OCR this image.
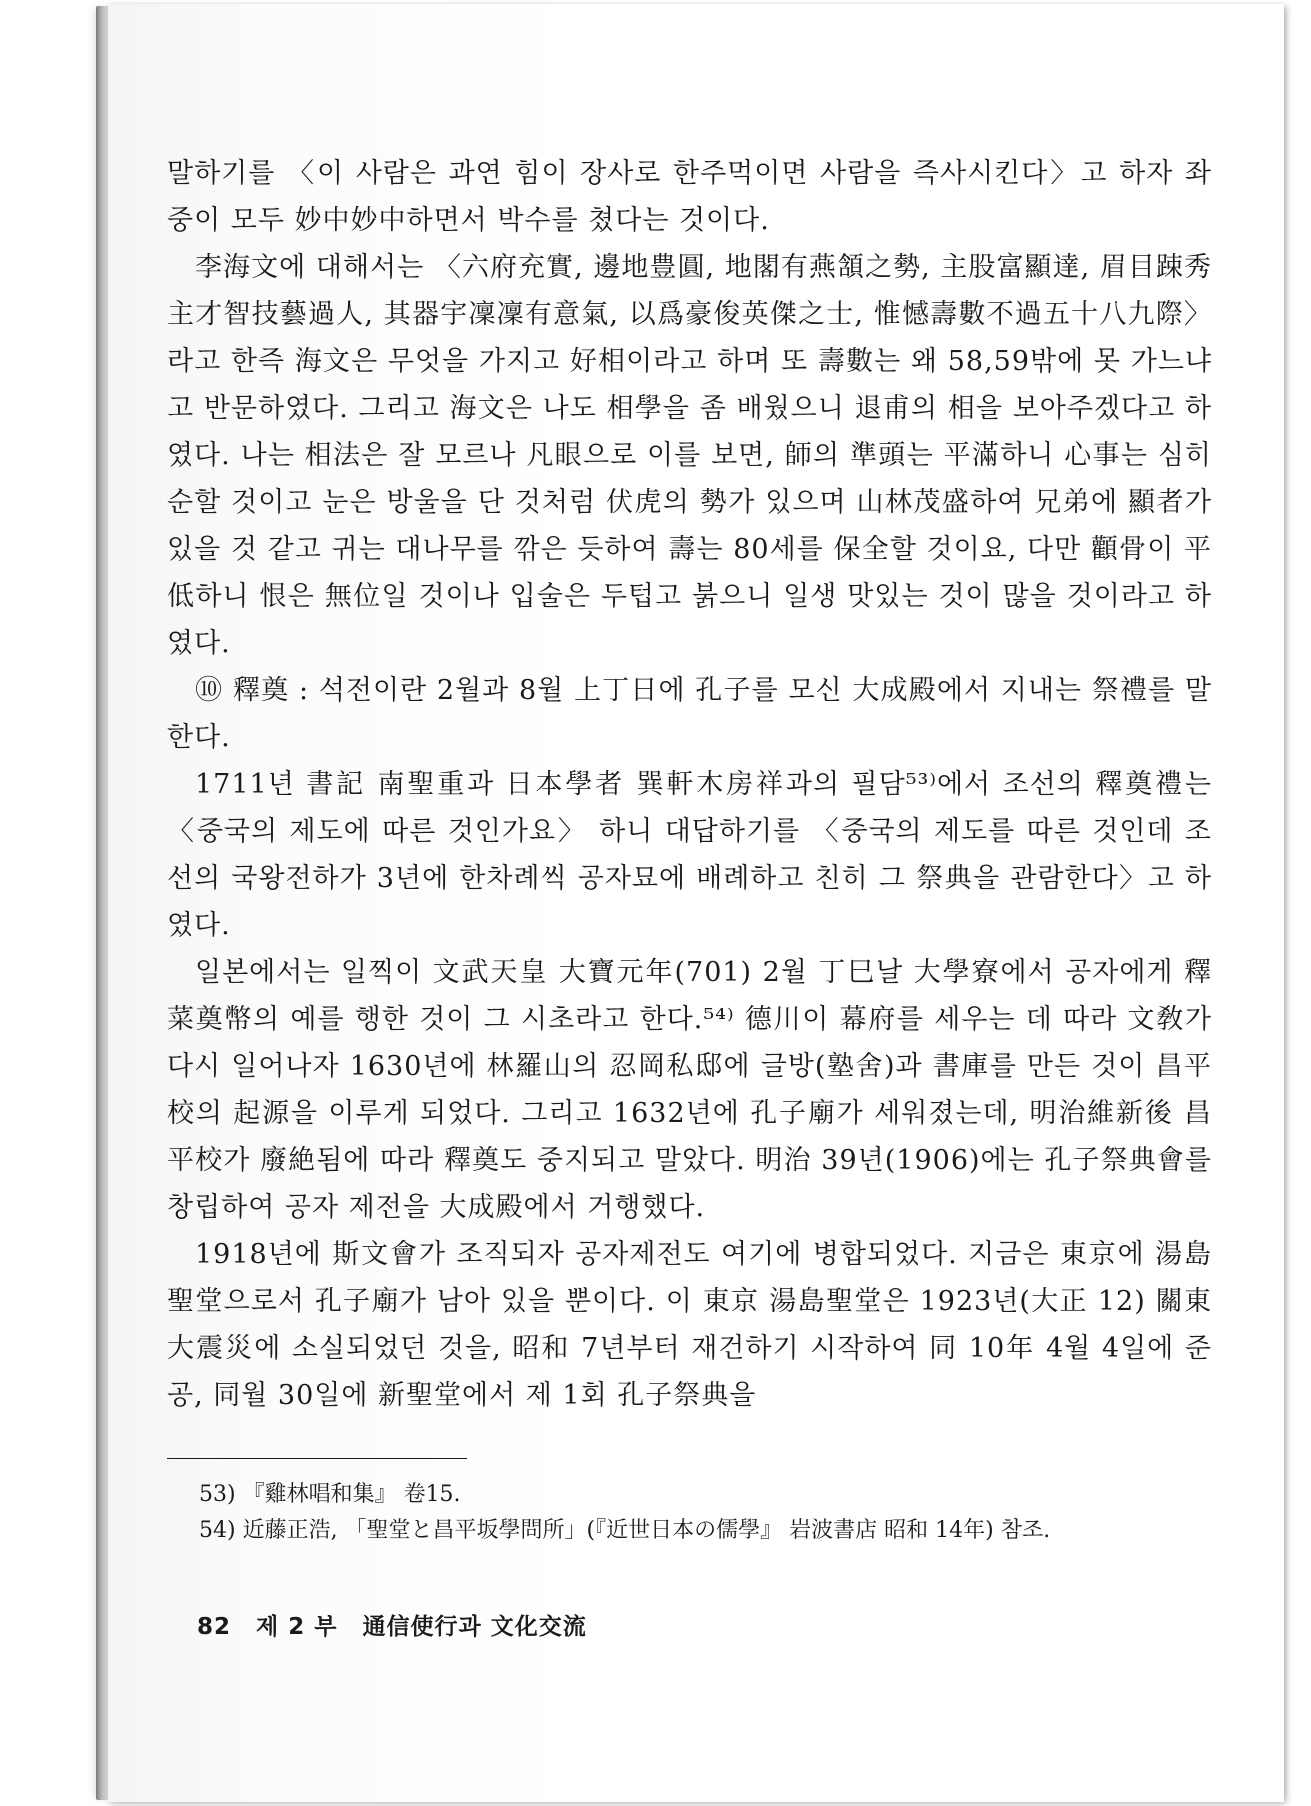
말하기를 〈이 사람은 과연 힘이 장사로 한주먹이면 사람을 즉사시킨다〉고 하자 좌중이 모두 妙中妙中하면서 박수를 쳤다는 것이다.

李海文에 대해서는 〈六府充實, 邊地豊圓, 地閣有燕頷之勢, 主股富顯達, 眉目踈秀主才智技藝過人, 其器宇凜凜有意氣, 以爲豪俊英傑之士, 惟憾壽數不過五十八九際〉라고 한즉 海文은 무엇을 가지고 好相이라고 하며 또 壽數는 왜 58,59밖에 못 가느냐고 반문하였다. 그리고 海文은 나도 相學을 좀 배웠으니 退甫의 相을 보아주겠다고 하였다. 나는 相法은 잘 모르나 凡眼으로 이를 보면, 師의 準頭는 平滿하니 心事는 심히 순할 것이고 눈은 방울을 단 것처럼 伏虎의 勢가 있으며 山林茂盛하여 兄弟에 顯者가 있을 것 같고 귀는 대나무를 깎은 듯하여 壽는 80세를 保全할 것이요, 다만 顴骨이 平低하니 恨은 無位일 것이나 입술은 두텁고 붉으니 일생 맛있는 것이 많을 것이라고 하였다.

⑩ 釋奠 : 석전이란 2월과 8월 上丁日에 孔子를 모신 大成殿에서 지내는 祭禮를 말한다.

1711년 書記 南聖重과 日本學者 巽軒木房祥과의 필담⁵³⁾에서 조선의 釋奠禮는 〈중국의 제도에 따른 것인가요〉 하니 대답하기를 〈중국의 제도를 따른 것인데 조선의 국왕전하가 3년에 한차례씩 공자묘에 배례하고 친히 그 祭典을 관람한다〉고 하였다.

일본에서는 일찍이 文武天皇 大寶元年(701) 2월 丁巳날 大學寮에서 공자에게 釋菜奠幣의 예를 행한 것이 그 시초라고 한다.⁵⁴⁾ 德川이 幕府를 세우는 데 따라 文敎가 다시 일어나자 1630년에 林羅山의 忍岡私邸에 글방(塾舍)과 書庫를 만든 것이 昌平校의 起源을 이루게 되었다. 그리고 1632년에 孔子廟가 세워졌는데, 明治維新後 昌平校가 廢絶됨에 따라 釋奠도 중지되고 말았다. 明治 39년(1906)에는 孔子祭典會를 창립하여 공자 제전을 大成殿에서 거행했다.

1918년에 斯文會가 조직되자 공자제전도 여기에 병합되었다. 지금은 東京에 湯島聖堂으로서 孔子廟가 남아 있을 뿐이다. 이 東京 湯島聖堂은 1923년(大正 12) 關東大震災에 소실되었던 것을, 昭和 7년부터 재건하기 시작하여 同 10年 4월 4일에 준공, 同월 30일에 新聖堂에서 제 1회 孔子祭典을

53) 『雞林唱和集』 卷15.

54) 近藤正浩, 「聖堂と昌平坂學問所」(『近世日本の儒學』 岩波書店 昭和 14年) 참조.

82 제 2 부 通信使行과 文化交流
